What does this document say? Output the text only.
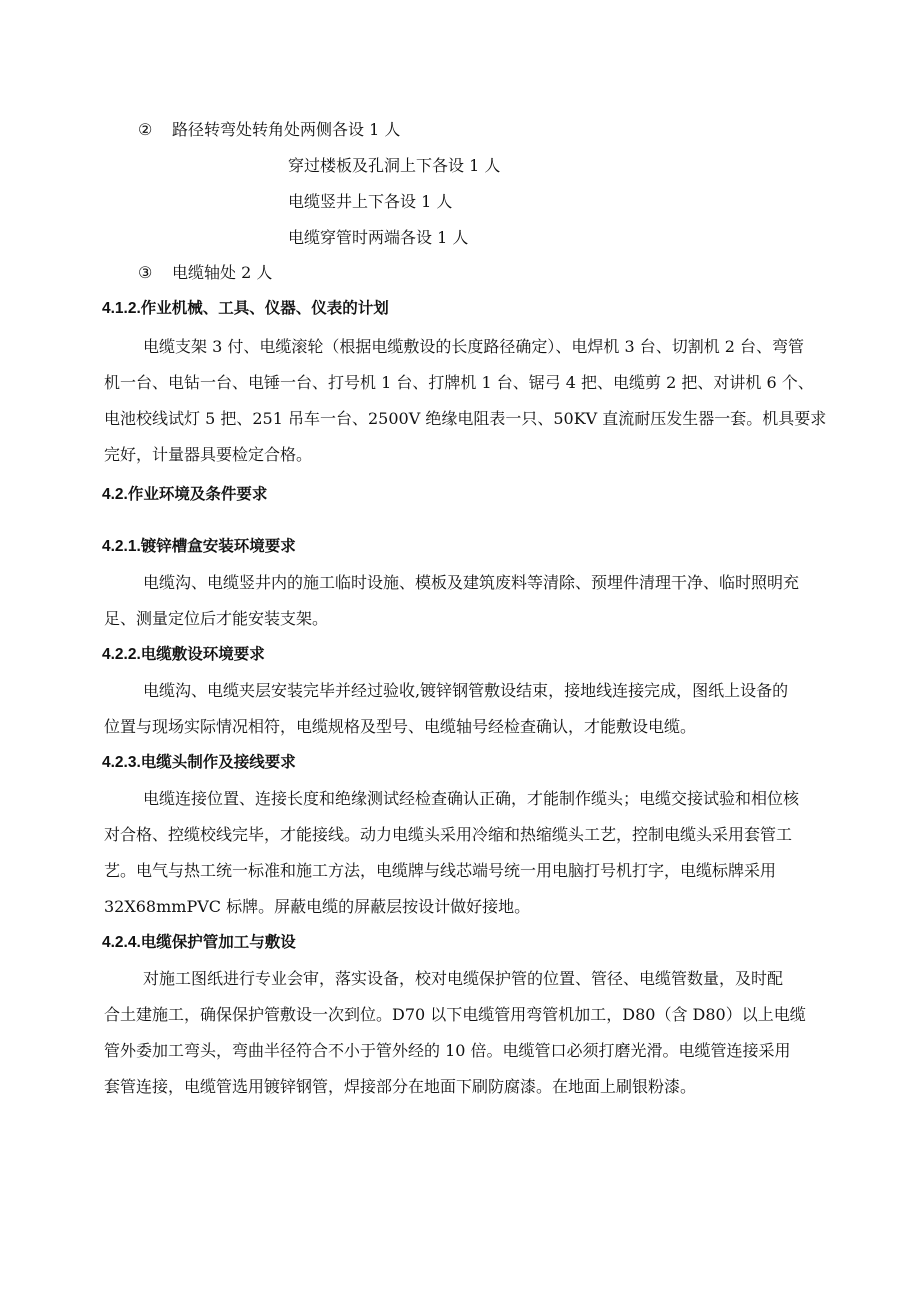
② 路径转弯处转角处两侧各设 1 人
穿过楼板及孔洞上下各设 1 人
电缆竖井上下各设 1 人
电缆穿管时两端各设 1 人
③ 电缆轴处 2 人
4.1.2.作业机械、工具、仪器、仪表的计划
电缆支架 3 付、电缆滚轮（根据电缆敷设的长度路径确定）、电焊机 3 台、切割机 2 台、弯管
机一台、电钻一台、电锤一台、打号机 1 台、打牌机 1 台、锯弓 4 把、电缆剪 2 把、对讲机 6 个、
电池校线试灯 5 把、251 吊车一台、2500V 绝缘电阻表一只、50KV 直流耐压发生器一套。机具要求
完好，计量器具要检定合格。
4.2.作业环境及条件要求
4.2.1.镀锌槽盒安装环境要求
电缆沟、电缆竖井内的施工临时设施、模板及建筑废料等清除、预埋件清理干净、临时照明充
足、测量定位后才能安装支架。
4.2.2.电缆敷设环境要求
电缆沟、电缆夹层安装完毕并经过验收,镀锌钢管敷设结束，接地线连接完成，图纸上设备的
位置与现场实际情况相符，电缆规格及型号、电缆轴号经检查确认，才能敷设电缆。
4.2.3.电缆头制作及接线要求
电缆连接位置、连接长度和绝缘测试经检查确认正确，才能制作缆头；电缆交接试验和相位核
对合格、控缆校线完毕，才能接线。动力电缆头采用冷缩和热缩缆头工艺，控制电缆头采用套管工
艺。电气与热工统一标准和施工方法，电缆牌与线芯端号统一用电脑打号机打字，电缆标牌采用
32X68mmPVC 标牌。屏蔽电缆的屏蔽层按设计做好接地。
4.2.4.电缆保护管加工与敷设
对施工图纸进行专业会审，落实设备，校对电缆保护管的位置、管径、电缆管数量，及时配
合土建施工，确保保护管敷设一次到位。D70 以下电缆管用弯管机加工，D80（含 D80）以上电缆
管外委加工弯头，弯曲半径符合不小于管外经的 10 倍。电缆管口必须打磨光滑。电缆管连接采用
套管连接，电缆管选用镀锌钢管，焊接部分在地面下刷防腐漆。在地面上刷银粉漆。
